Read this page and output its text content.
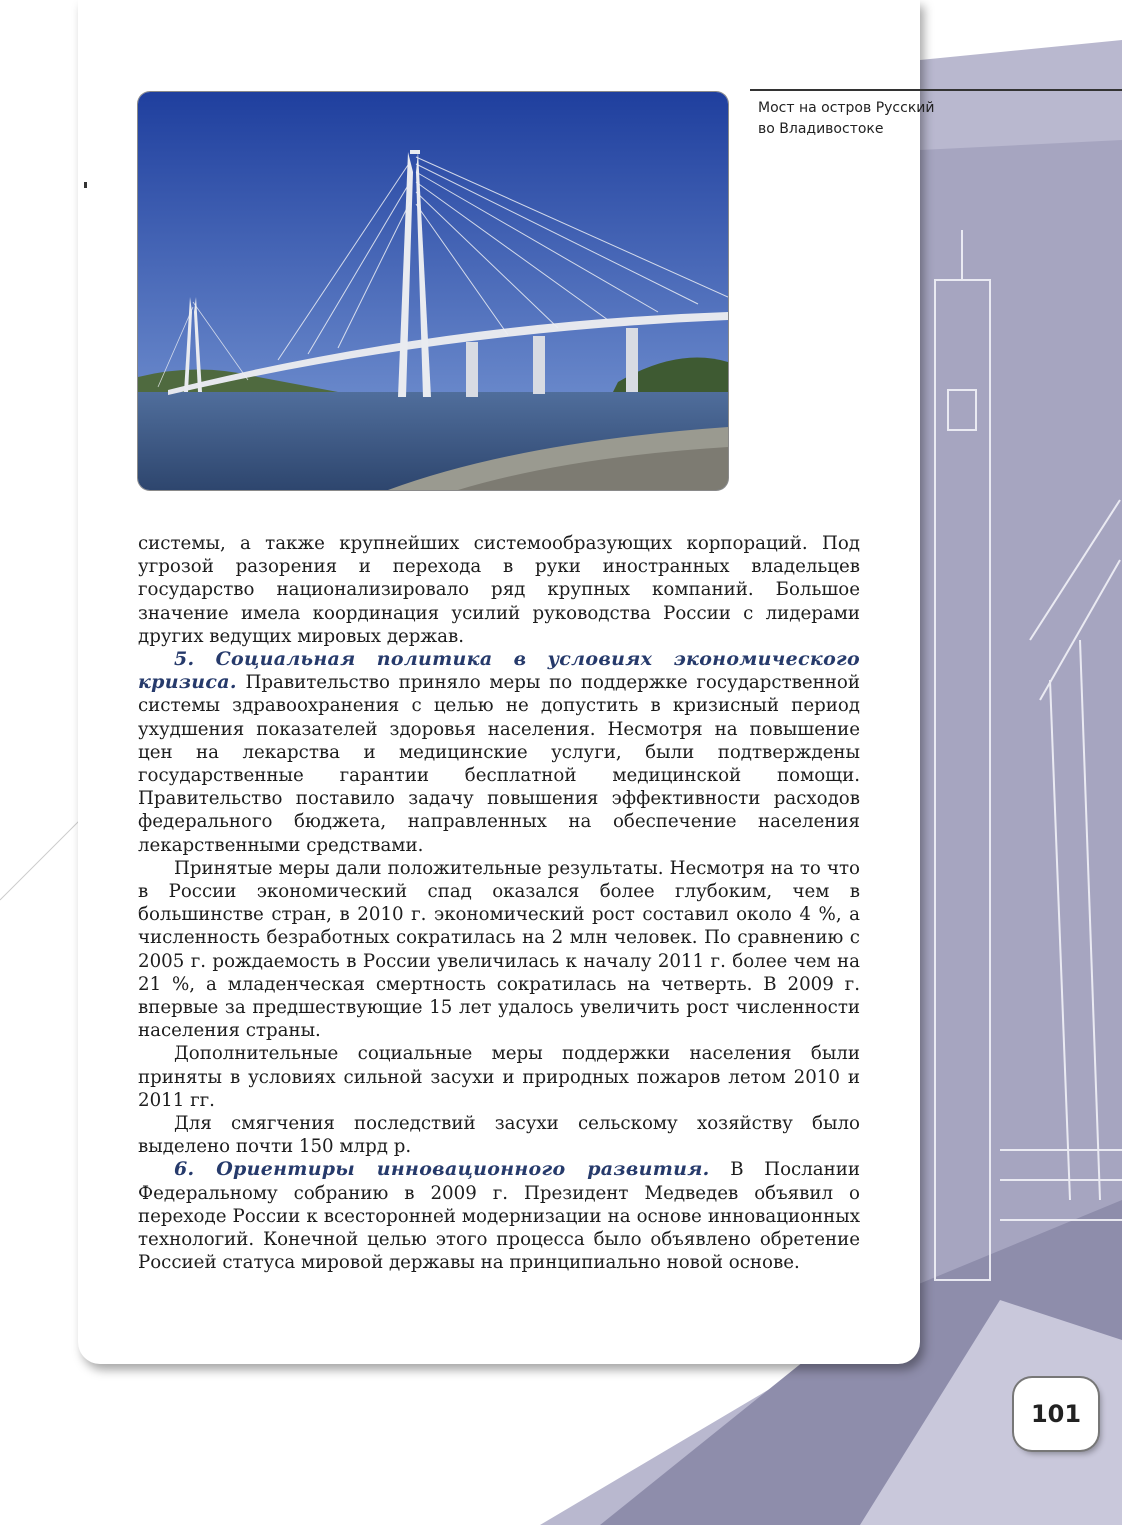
Мост на остров Русский
во Владивостоке

системы, а также крупнейших системообразующих корпораций. Под угрозой разорения и перехода в руки иностранных владельцев государство национализировало ряд крупных компаний. Большое значение имела координация усилий руководства России с лидерами других ведущих мировых держав.

5. Социальная политика в условиях экономического кризиса. Правительство приняло меры по поддержке государственной системы здравоохранения с целью не допустить в кризисный период ухудшения показателей здоровья населения. Несмотря на повышение цен на лекарства и медицинские услуги, были подтверждены государственные гарантии бесплатной медицинской помощи. Правительство поставило задачу повышения эффективности расходов федерального бюджета, направленных на обеспечение населения лекарственными средствами.

Принятые меры дали положительные результаты. Несмотря на то что в России экономический спад оказался более глубоким, чем в большинстве стран, в 2010 г. экономический рост составил около 4 %, а численность безработных сократилась на 2 млн человек. По сравнению с 2005 г. рождаемость в России увеличилась к началу 2011 г. более чем на 21 %, а младенческая смертность сократилась на четверть. В 2009 г. впервые за предшествующие 15 лет удалось увеличить рост численности населения страны.

Дополнительные социальные меры поддержки населения были приняты в условиях сильной засухи и природных пожаров летом 2010 и 2011 гг.

Для смягчения последствий засухи сельскому хозяйству было выделено почти 150 млрд р.

6. Ориентиры инновационного развития. В Послании Федеральному собранию в 2009 г. Президент Медведев объявил о переходе России к всесторонней модернизации на основе инновационных технологий. Конечной целью этого процесса было объявлено обретение Россией статуса мировой державы на принципиально новой основе.

101
